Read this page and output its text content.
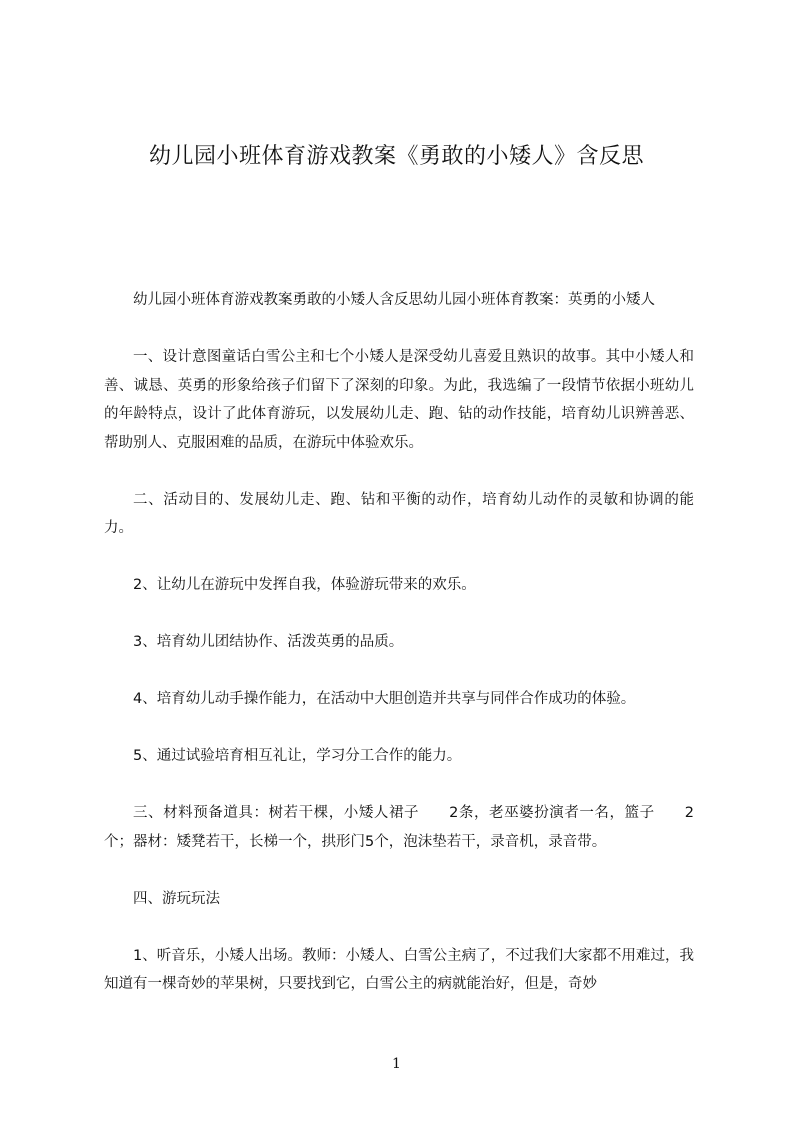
幼儿园小班体育游戏教案《勇敢的小矮人》含反思

幼儿园小班体育游戏教案勇敢的小矮人含反思幼儿园小班体育教案：英勇的小矮人

一、设计意图童话白雪公主和七个小矮人是深受幼儿喜爱且熟识的故事。其中小矮人和善、诚恳、英勇的形象给孩子们留下了深刻的印象。为此，我选编了一段情节依据小班幼儿的年龄特点，设计了此体育游玩，以发展幼儿走、跑、钻的动作技能，培育幼儿识辨善恶、帮助别人、克服困难的品质，在游玩中体验欢乐。

二、活动目的、发展幼儿走、跑、钻和平衡的动作，培育幼儿动作的灵敏和协调的能力。

2、让幼儿在游玩中发挥自我，体验游玩带来的欢乐。

3、培育幼儿团结协作、活泼英勇的品质。

4、培育幼儿动手操作能力，在活动中大胆创造并共享与同伴合作成功的体验。

5、通过试验培育相互礼让，学习分工合作的能力。

三、材料预备道具：树若干棵，小矮人裙子　　2条，老巫婆扮演者一名，篮子　　2个；器材：矮凳若干，长梯一个，拱形门5个，泡沫垫若干，录音机，录音带。

四、游玩玩法

1、听音乐，小矮人出场。教师：小矮人、白雪公主病了，不过我们大家都不用难过，我知道有一棵奇妙的苹果树，只要找到它，白雪公主的病就能治好，但是，奇妙

1
